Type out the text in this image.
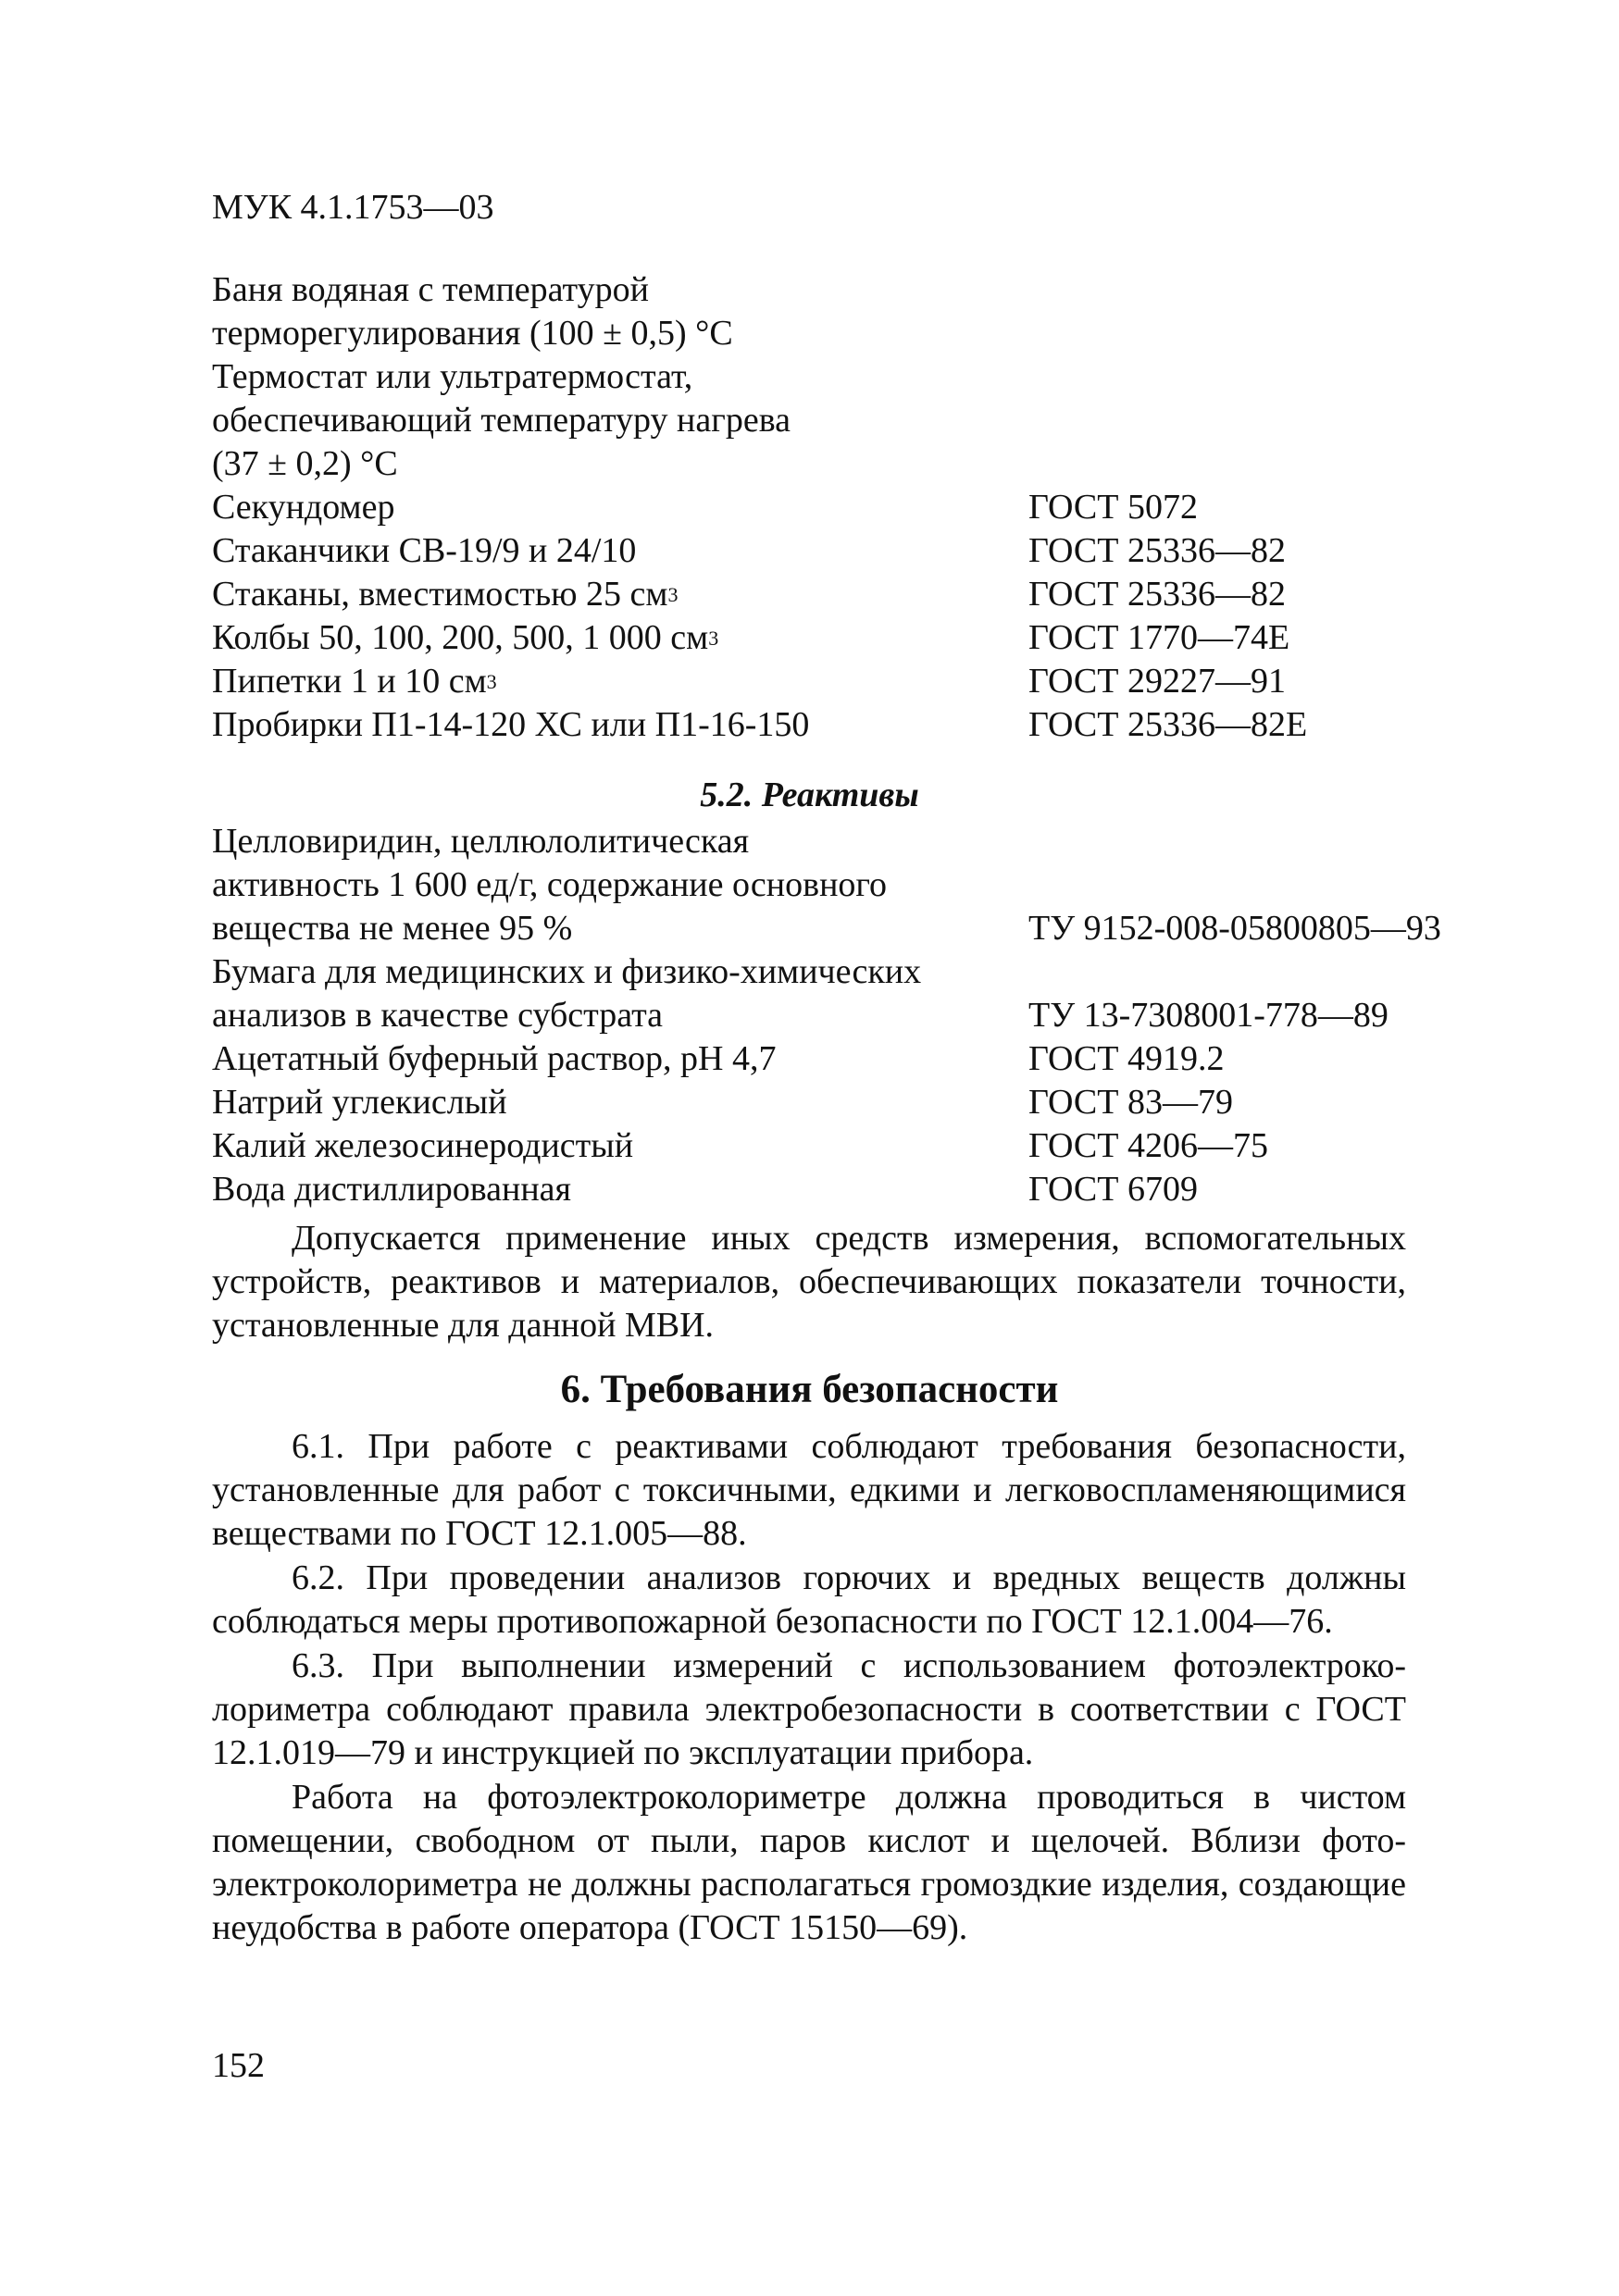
МУК 4.1.1753—03
Баня водяная с температурой
терморегулирования (100 ± 0,5) °С
Термостат или ультратермостат,
обеспечивающий температуру нагрева
(37 ± 0,2) °С
Секундомер	ГОСТ 5072
Стаканчики СВ-19/9 и 24/10	ГОСТ 25336—82
Стаканы, вместимостью 25 $см^3$	ГОСТ 25336—82
Колбы 50, 100, 200, 500, 1 000 $см^3$	ГОСТ 1770—74Е
Пипетки 1 и 10 $см^3$	ГОСТ 29227—91
Пробирки П1-14-120 ХС или П1-16-150	ГОСТ 25336—82Е
5.2. Реактивы
Целловиридин, целлюлолитическая
активность 1 600 ед/г, содержание основного
вещества не менее 95 %	ТУ 9152-008-05800805—93
Бумага для медицинских и физико-химических
анализов в качестве субстрата	ТУ 13-7308001-778—89
Ацетатный буферный раствор, рН 4,7	ГОСТ 4919.2
Натрий углекислый	ГОСТ 83—79
Калий железосинеродистый	ГОСТ 4206—75
Вода дистиллированная	ГОСТ 6709

Допускается применение иных средств измерения, вспомогательных устройств, реактивов и материалов, обеспечивающих показатели точности, установленные для данной МВИ.

6. Требования безопасности

6.1. При работе с реактивами соблюдают требования безопасности, установленные для работ с токсичными, едкими и легковоспламеняющимися веществами по ГОСТ 12.1.005—88.

6.2. При проведении анализов горючих и вредных веществ должны соблюдаться меры противопожарной безопасности по ГОСТ 12.1.004—76.

6.3. При выполнении измерений с использованием фотоэлектроколориметра соблюдают правила электробезопасности в соответствии с ГОСТ 12.1.019—79 и инструкцией по эксплуатации прибора.

Работа на фотоэлектроколориметре должна проводиться в чистом помещении, свободном от пыли, паров кислот и щелочей. Вблизи фотоэлектроколориметра не должны располагаться громоздкие изделия, создающие неудобства в работе оператора (ГОСТ 15150—69).

152
